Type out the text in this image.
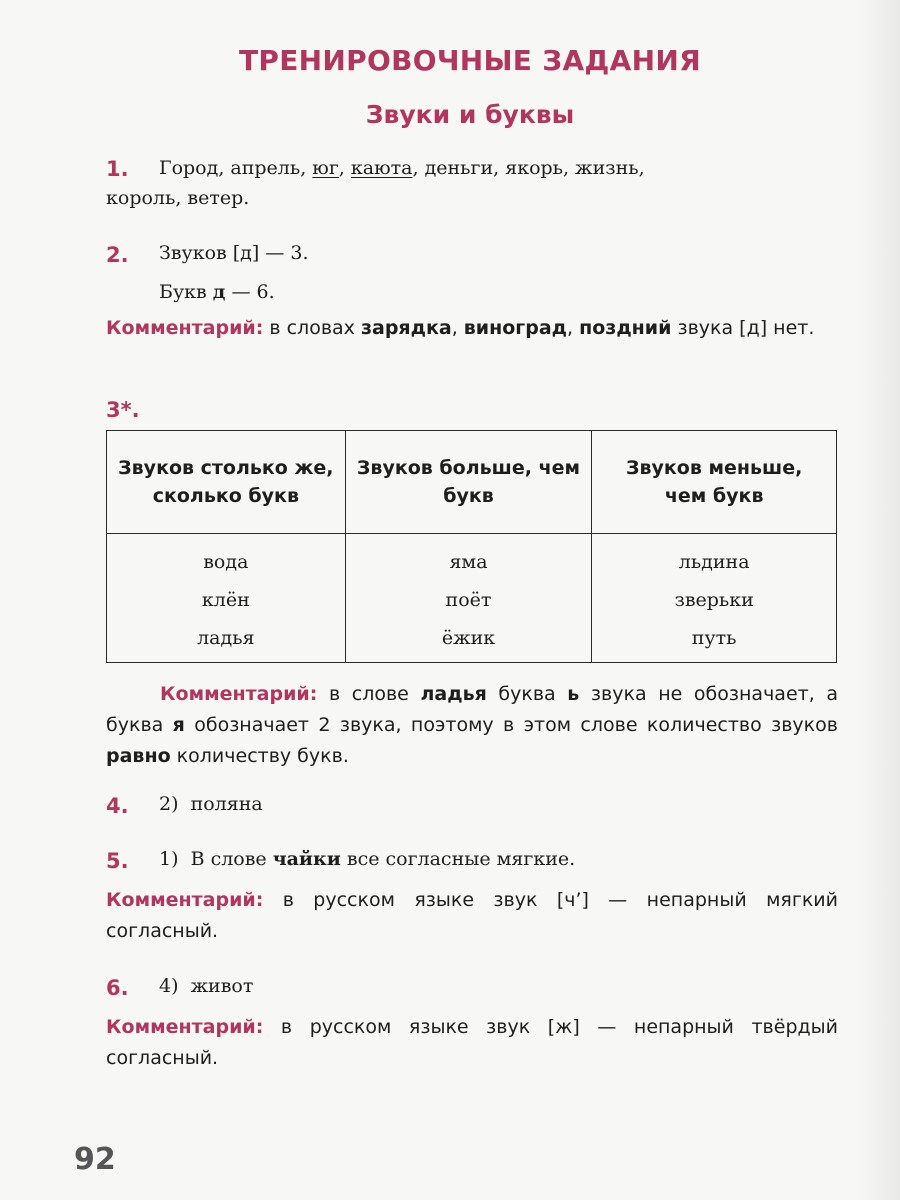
ТРЕНИРОВОЧНЫЕ ЗАДАНИЯ
Звуки и буквы
1. Город, апрель, юг, каюта, деньги, якорь, жизнь,
король, ветер.
2. Звуков [д] — 3.
Букв д — 6.
Комментарий: в словах зарядка, виноград, поздний звука [д] нет.
3*.
Звуков столько же, сколько букв	Звуков больше, чем букв	Звуков меньше, чем букв
вода	яма	льдина
клён	поёт	зверьки
ладья	ёжик	путь
Комментарий: в слове ладья буква ь звука не обозначает, а буква я обозначает 2 звука, поэтому в этом слове количество звуков равно количеству букв.
4. 2)  поляна
5. 1)  В слове чайки все согласные мягкие.
Комментарий: в русском языке звук [ч’] — непарный мягкий согласный.
6. 4)  живот
Комментарий: в русском языке звук [ж] — непарный твёрдый согласный.
92
